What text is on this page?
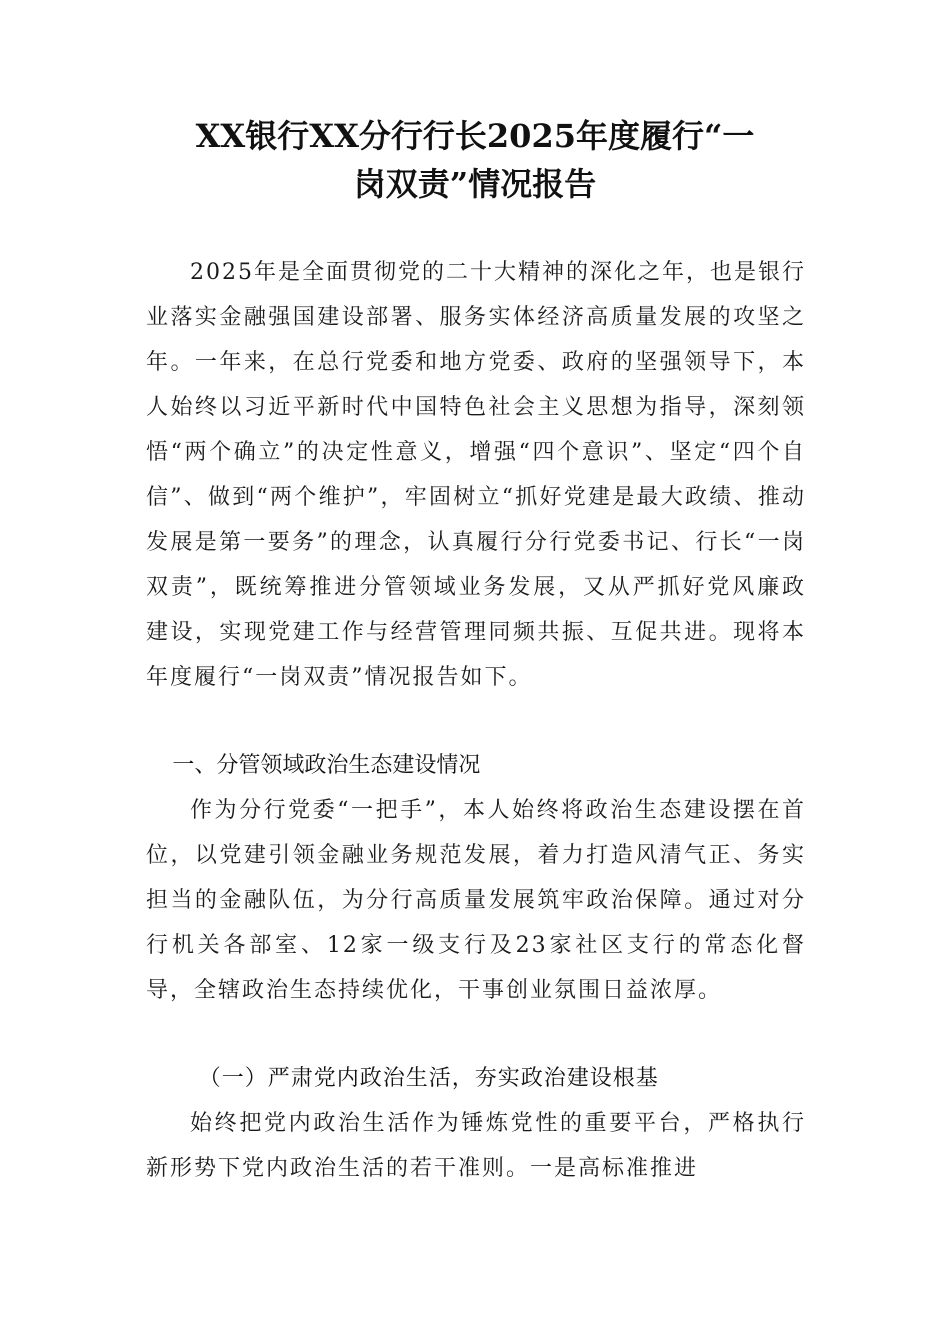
XX银行XX分行行长2025年度履行“一
岗双责”情况报告

2025年是全面贯彻党的二十大精神的深化之年，也是银行业落实金融强国建设部署、服务实体经济高质量发展的攻坚之年。一年来，在总行党委和地方党委、政府的坚强领导下，本人始终以习近平新时代中国特色社会主义思想为指导，深刻领悟“两个确立”的决定性意义，增强“四个意识”、坚定“四个自信”、做到“两个维护”，牢固树立“抓好党建是最大政绩、推动发展是第一要务”的理念，认真履行分行党委书记、行长“一岗双责”，既统筹推进分管领域业务发展，又从严抓好党风廉政建设，实现党建工作与经营管理同频共振、互促共进。现将本年度履行“一岗双责”情况报告如下。

一、分管领域政治生态建设情况

作为分行党委“一把手”，本人始终将政治生态建设摆在首位，以党建引领金融业务规范发展，着力打造风清气正、务实担当的金融队伍，为分行高质量发展筑牢政治保障。通过对分行机关各部室、12家一级支行及23家社区支行的常态化督导，全辖政治生态持续优化，干事创业氛围日益浓厚。

（一）严肃党内政治生活，夯实政治建设根基

始终把党内政治生活作为锤炼党性的重要平台，严格执行新形势下党内政治生活的若干准则。一是高标准推进
